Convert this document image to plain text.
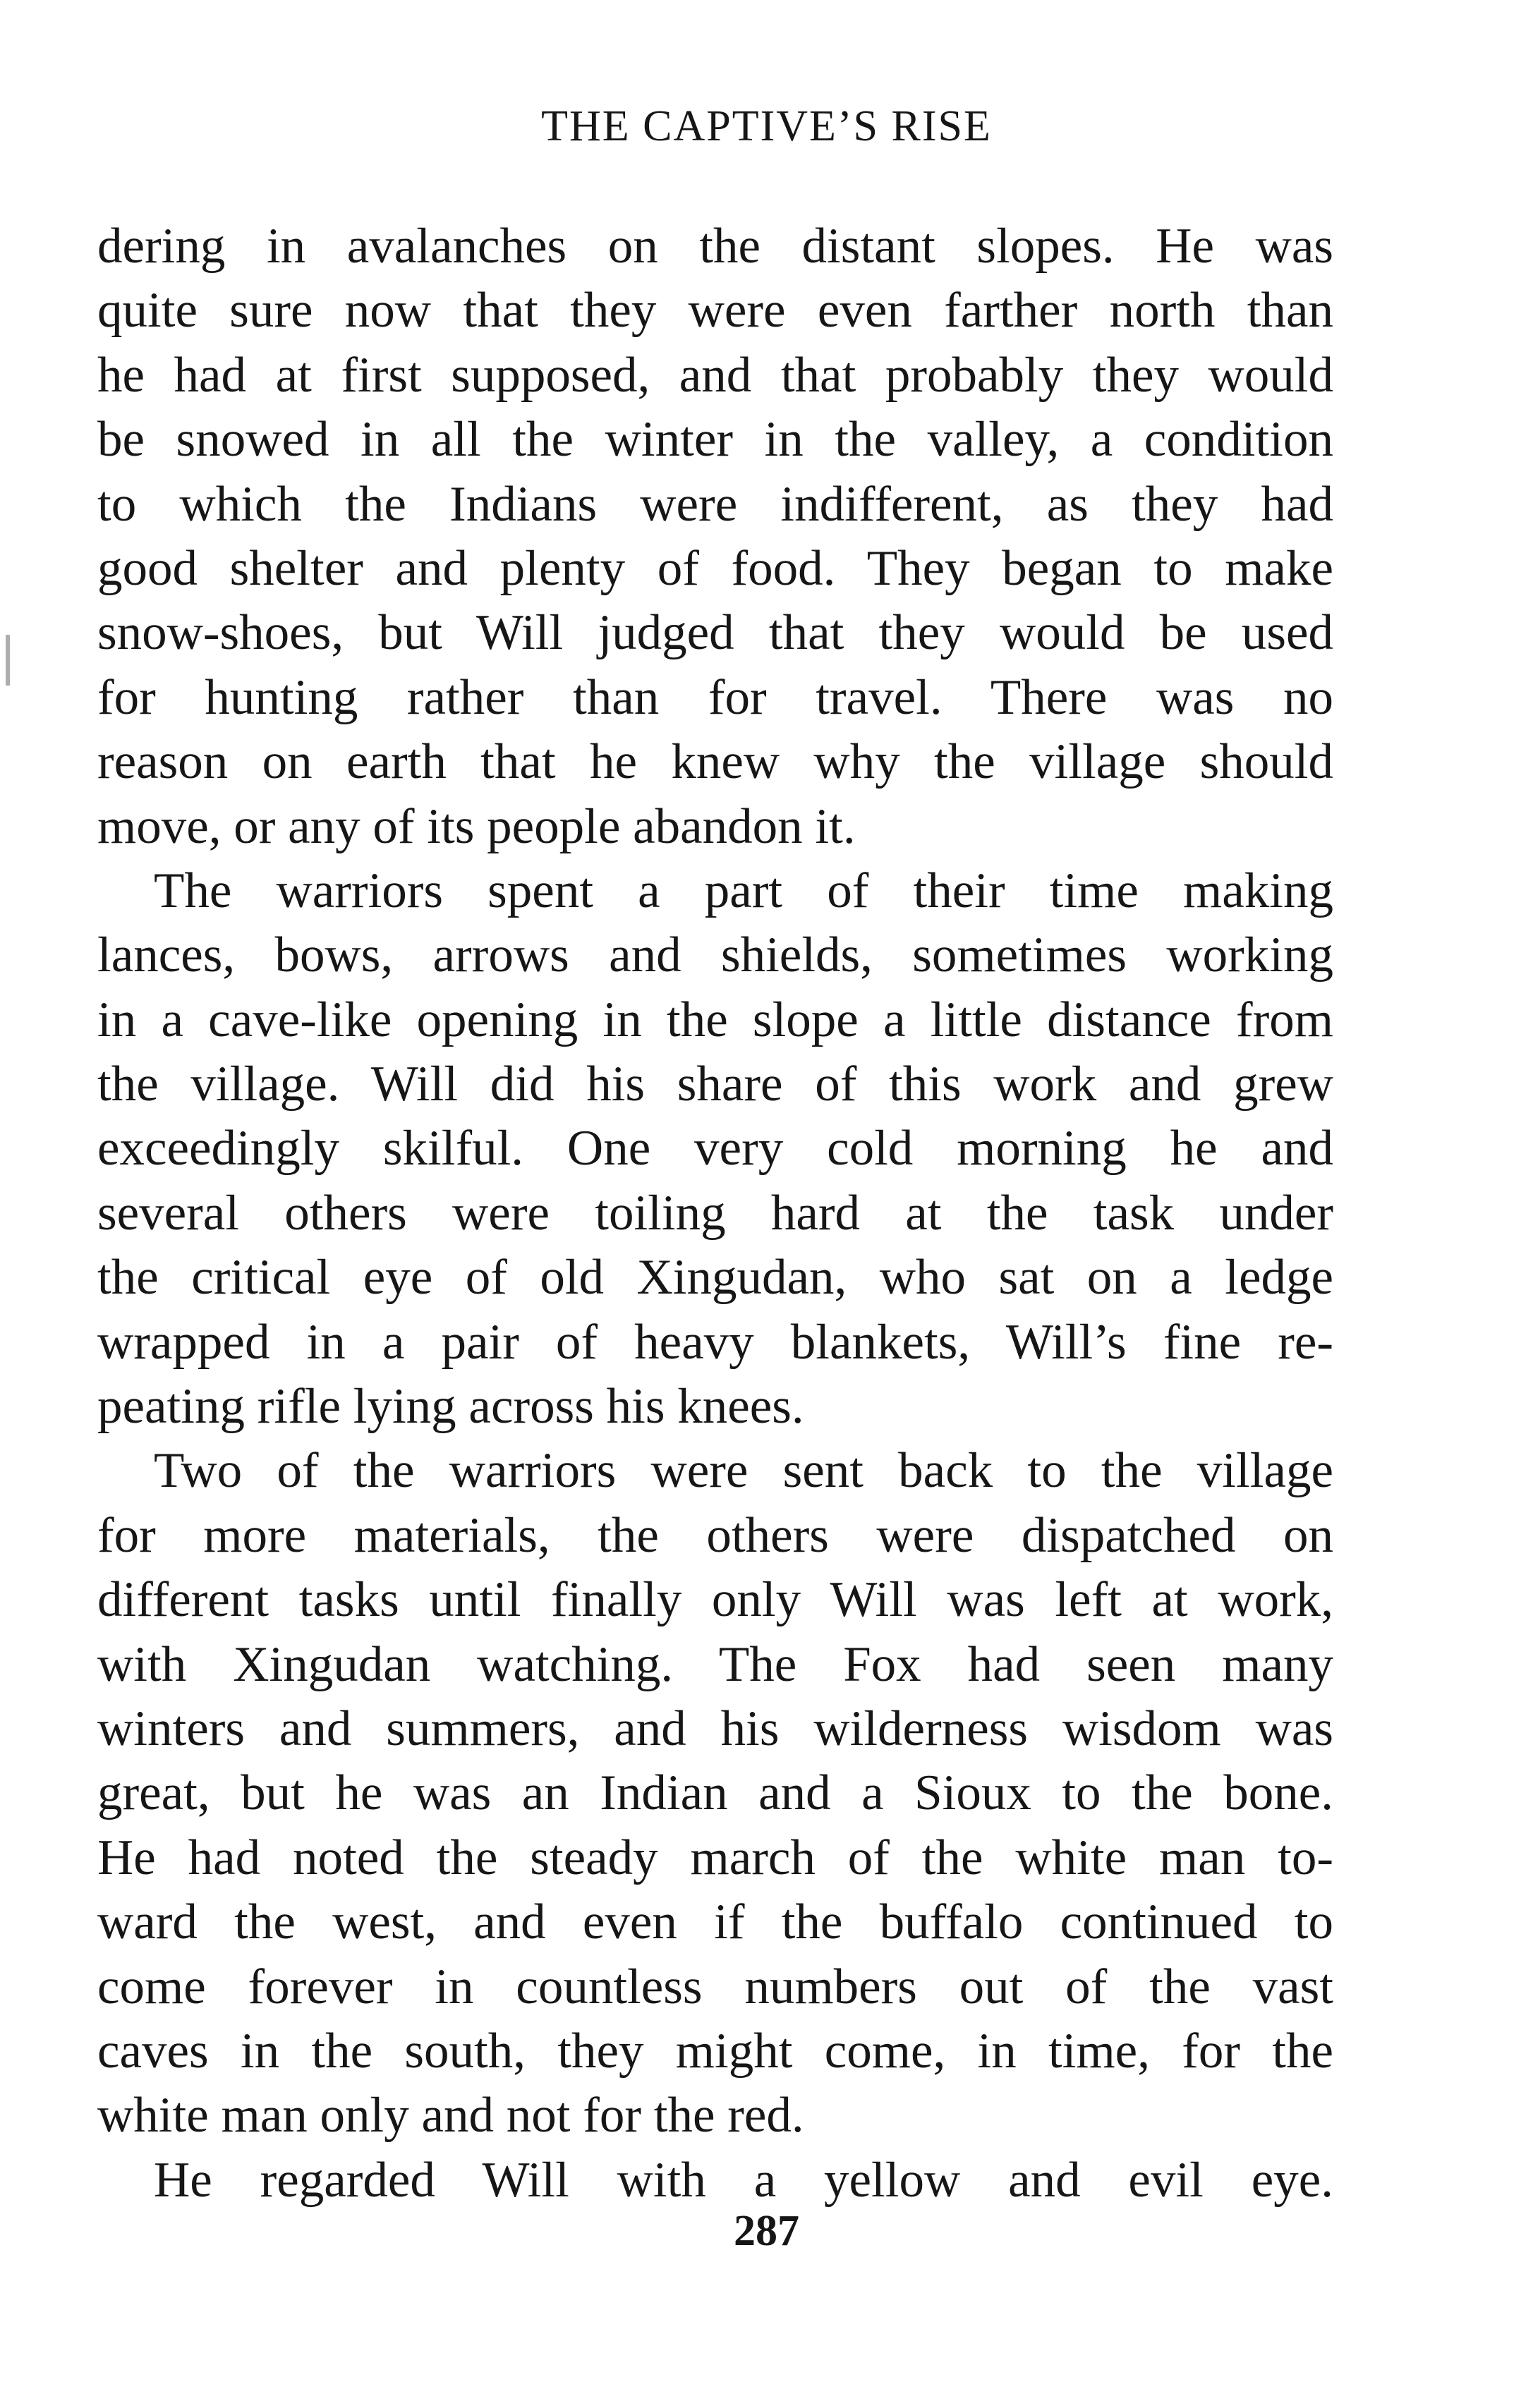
THE CAPTIVE’S RISE
dering in avalanches on the distant slopes. He was
quite sure now that they were even farther north than
he had at first supposed, and that probably they would
be snowed in all the winter in the valley, a condition
to which the Indians were indifferent, as they had
good shelter and plenty of food. They began to make
snow-shoes, but Will judged that they would be used
for hunting rather than for travel. There was no
reason on earth that he knew why the village should
move, or any of its people abandon it.
The warriors spent a part of their time making
lances, bows, arrows and shields, sometimes working
in a cave-like opening in the slope a little distance from
the village. Will did his share of this work and grew
exceedingly skilful. One very cold morning he and
several others were toiling hard at the task under
the critical eye of old Xingudan, who sat on a ledge
wrapped in a pair of heavy blankets, Will’s fine re-
peating rifle lying across his knees.
Two of the warriors were sent back to the village
for more materials, the others were dispatched on
different tasks until finally only Will was left at work,
with Xingudan watching. The Fox had seen many
winters and summers, and his wilderness wisdom was
great, but he was an Indian and a Sioux to the bone.
He had noted the steady march of the white man to-
ward the west, and even if the buffalo continued to
come forever in countless numbers out of the vast
caves in the south, they might come, in time, for the
white man only and not for the red.
He regarded Will with a yellow and evil eye.
287
